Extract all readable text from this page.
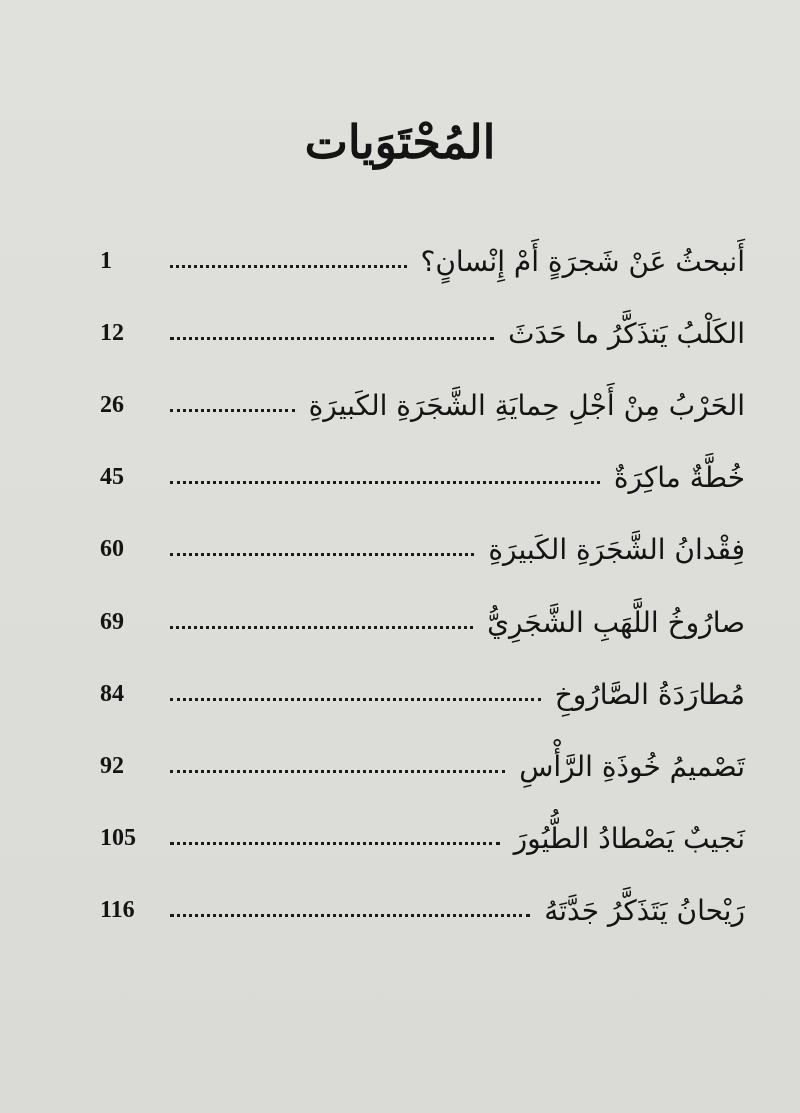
المُحْتَوَيات
1	أَنبحثُ عَنْ شَجرَةٍ أَمْ إِنْسانٍ؟
12	الكَلْبُ يَتذَكَّرُ ما حَدَثَ
26	الحَرْبُ مِنْ أَجْلِ حِمايَةِ الشَّجَرَةِ الكَبيرَةِ
45	خُطَّةٌ ماكِرَةٌ
60	فِقْدانُ الشَّجَرَةِ الكَبيرَةِ
69	صارُوخُ اللَّهَبِ الشَّجَرِيُّ
84	مُطارَدَةُ الصَّارُوخِ
92	تَصْميمُ خُوذَةِ الرَّأْسِ
105	نَجيبٌ يَصْطادُ الطُّيُورَ
116	رَيْحانُ يَتَذَكَّرُ جَدَّتَهُ
